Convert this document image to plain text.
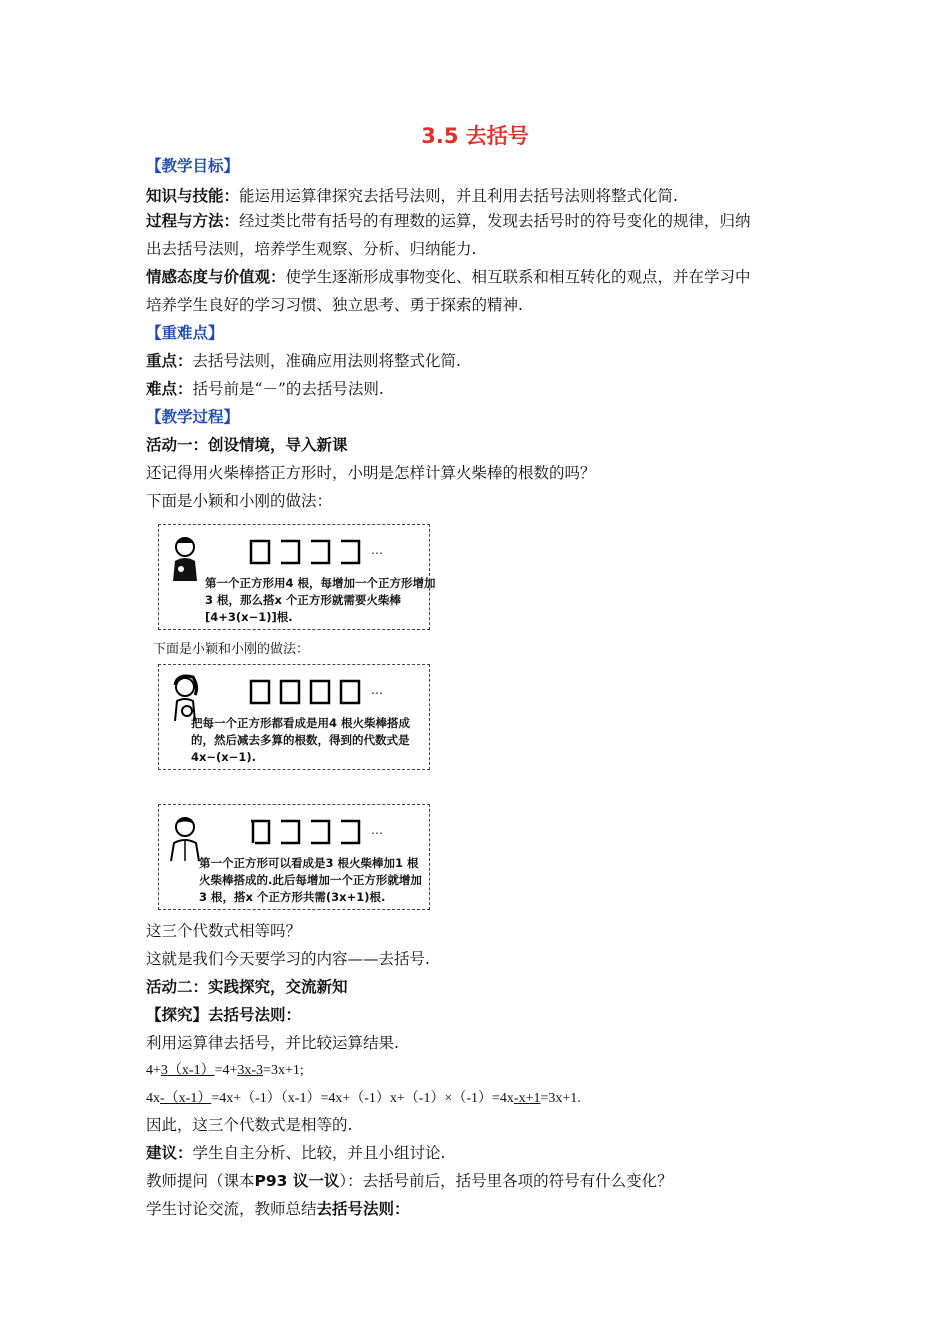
3.5 去括号
【教学目标】
知识与技能：能运用运算律探究去括号法则，并且利用去括号法则将整式化简.
过程与方法：经过类比带有括号的有理数的运算，发现去括号时的符号变化的规律，归纳
出去括号法则，培养学生观察、分析、归纳能力.
情感态度与价值观：使学生逐渐形成事物变化、相互联系和相互转化的观点，并在学习中
培养学生良好的学习习惯、独立思考、勇于探索的精神.
【重难点】
重点：去括号法则，准确应用法则将整式化简.
难点：括号前是“－”的去括号法则.
【教学过程】
活动一：创设情境，导入新课
还记得用火柴棒搭正方形时，小明是怎样计算火柴棒的根数的吗？
下面是小颖和小刚的做法：
…
第一个正方形用4 根，每增加一个正方形增加3 根，那么搭x 个正方形就需要火柴棒[4+3(x−1)]根.
下面是小颖和小刚的做法：
…
把每一个正方形都看成是用4 根火柴棒搭成的，然后减去多算的根数，得到的代数式是4x−(x−1).
…
第一个正方形可以看成是3 根火柴棒加1 根火柴棒搭成的.此后每增加一个正方形就增加3 根，搭x 个正方形共需(3x+1)根.
这三个代数式相等吗？
这就是我们今天要学习的内容——去括号.
活动二：实践探究，交流新知
【探究】去括号法则：
利用运算律去括号，并比较运算结果.
4+3（x-1）=4+3x-3=3x+1;
4x-（x-1）=4x+（-1）（x-1）=4x+（-1）x+（-1）×（-1）=4x-x+1=3x+1.
因此，这三个代数式是相等的.
建议：学生自主分析、比较，并且小组讨论.
教师提问（课本P93 议一议）：去括号前后，括号里各项的符号有什么变化？
学生讨论交流，教师总结去括号法则：
